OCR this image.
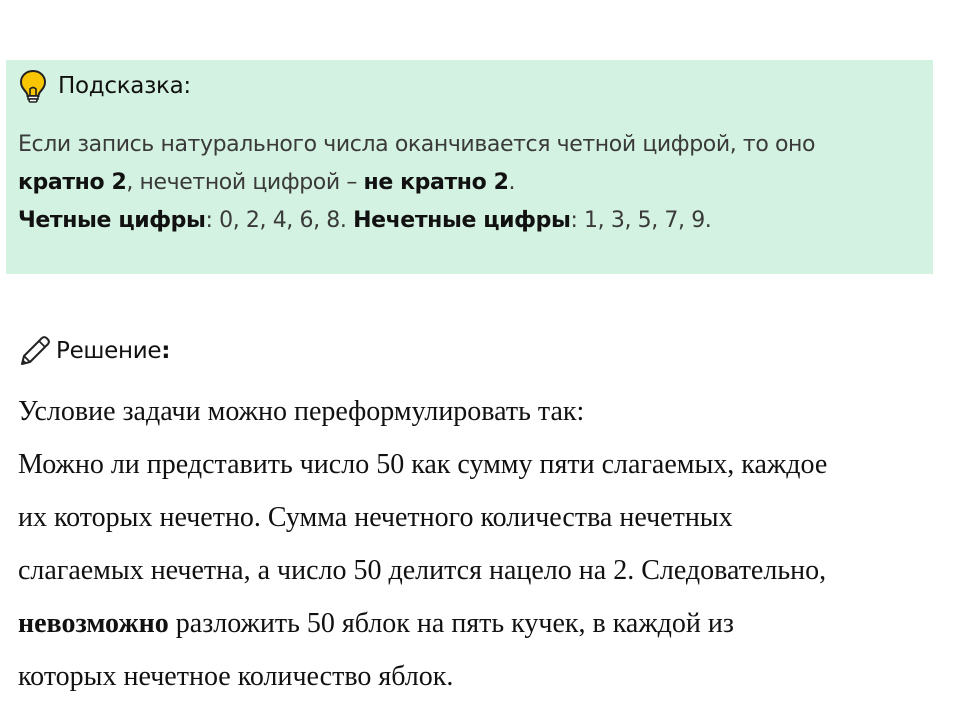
Подсказка:
Если запись натурального числа оканчивается четной цифрой, то оно
кратно 2, нечетной цифрой – не кратно 2.
Четные цифры: 0, 2, 4, 6, 8. Нечетные цифры: 1, 3, 5, 7, 9.
Решение:

Условие задачи можно переформулировать так:

Можно ли представить число 50 как сумму пяти слагаемых, каждое

их которых нечетно. Сумма нечетного количества нечетных

слагаемых нечетна, а число 50 делится нацело на 2. Следовательно,

невозможно разложить 50 яблок на пять кучек, в каждой из

которых нечетное количество яблок.
